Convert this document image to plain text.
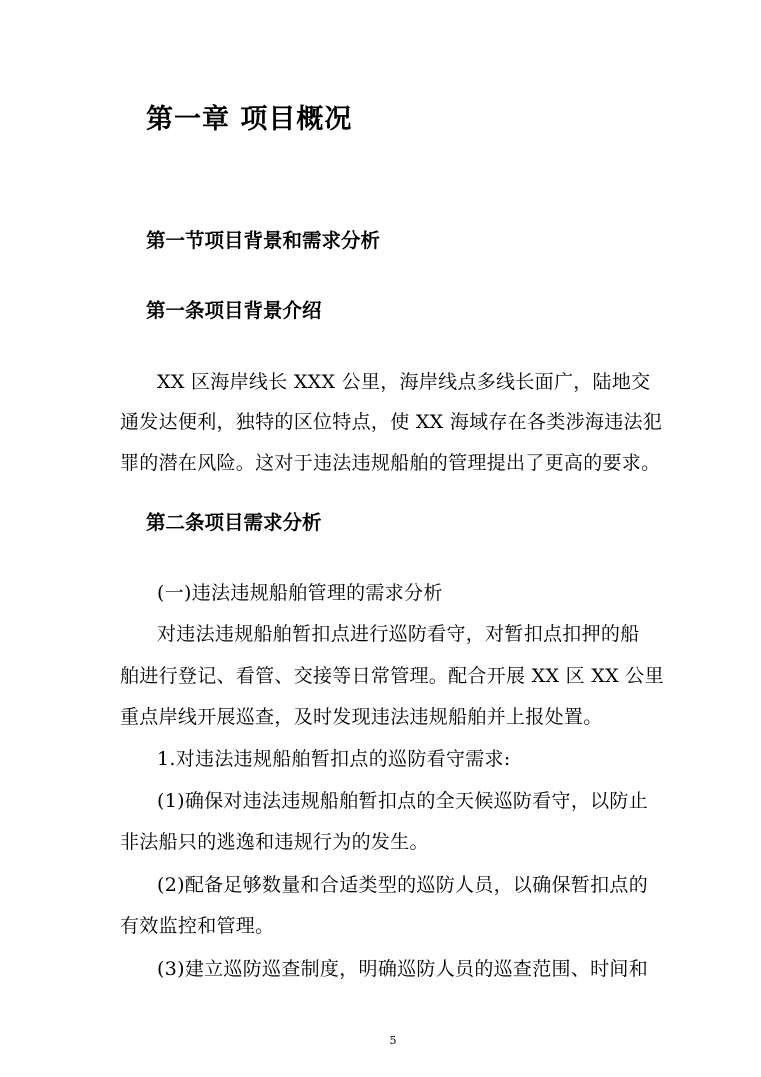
第一章 项目概况
第一节项目背景和需求分析
第一条项目背景介绍

XX 区海岸线长 XXX 公里，海岸线点多线长面广，陆地交

通发达便利，独特的区位特点，使 XX 海域存在各类涉海违法犯

罪的潜在风险。这对于违法违规船舶的管理提出了更高的要求。

第二条项目需求分析

(一)违法违规船舶管理的需求分析

对违法违规船舶暂扣点进行巡防看守，对暂扣点扣押的船

舶进行登记、看管、交接等日常管理。配合开展 XX 区 XX 公里

重点岸线开展巡查，及时发现违法违规船舶并上报处置。

1.对违法违规船舶暂扣点的巡防看守需求:

(1)确保对违法违规船舶暂扣点的全天候巡防看守，以防止

非法船只的逃逸和违规行为的发生。

(2)配备足够数量和合适类型的巡防人员，以确保暂扣点的

有效监控和管理。

(3)建立巡防巡查制度，明确巡防人员的巡查范围、时间和

5
